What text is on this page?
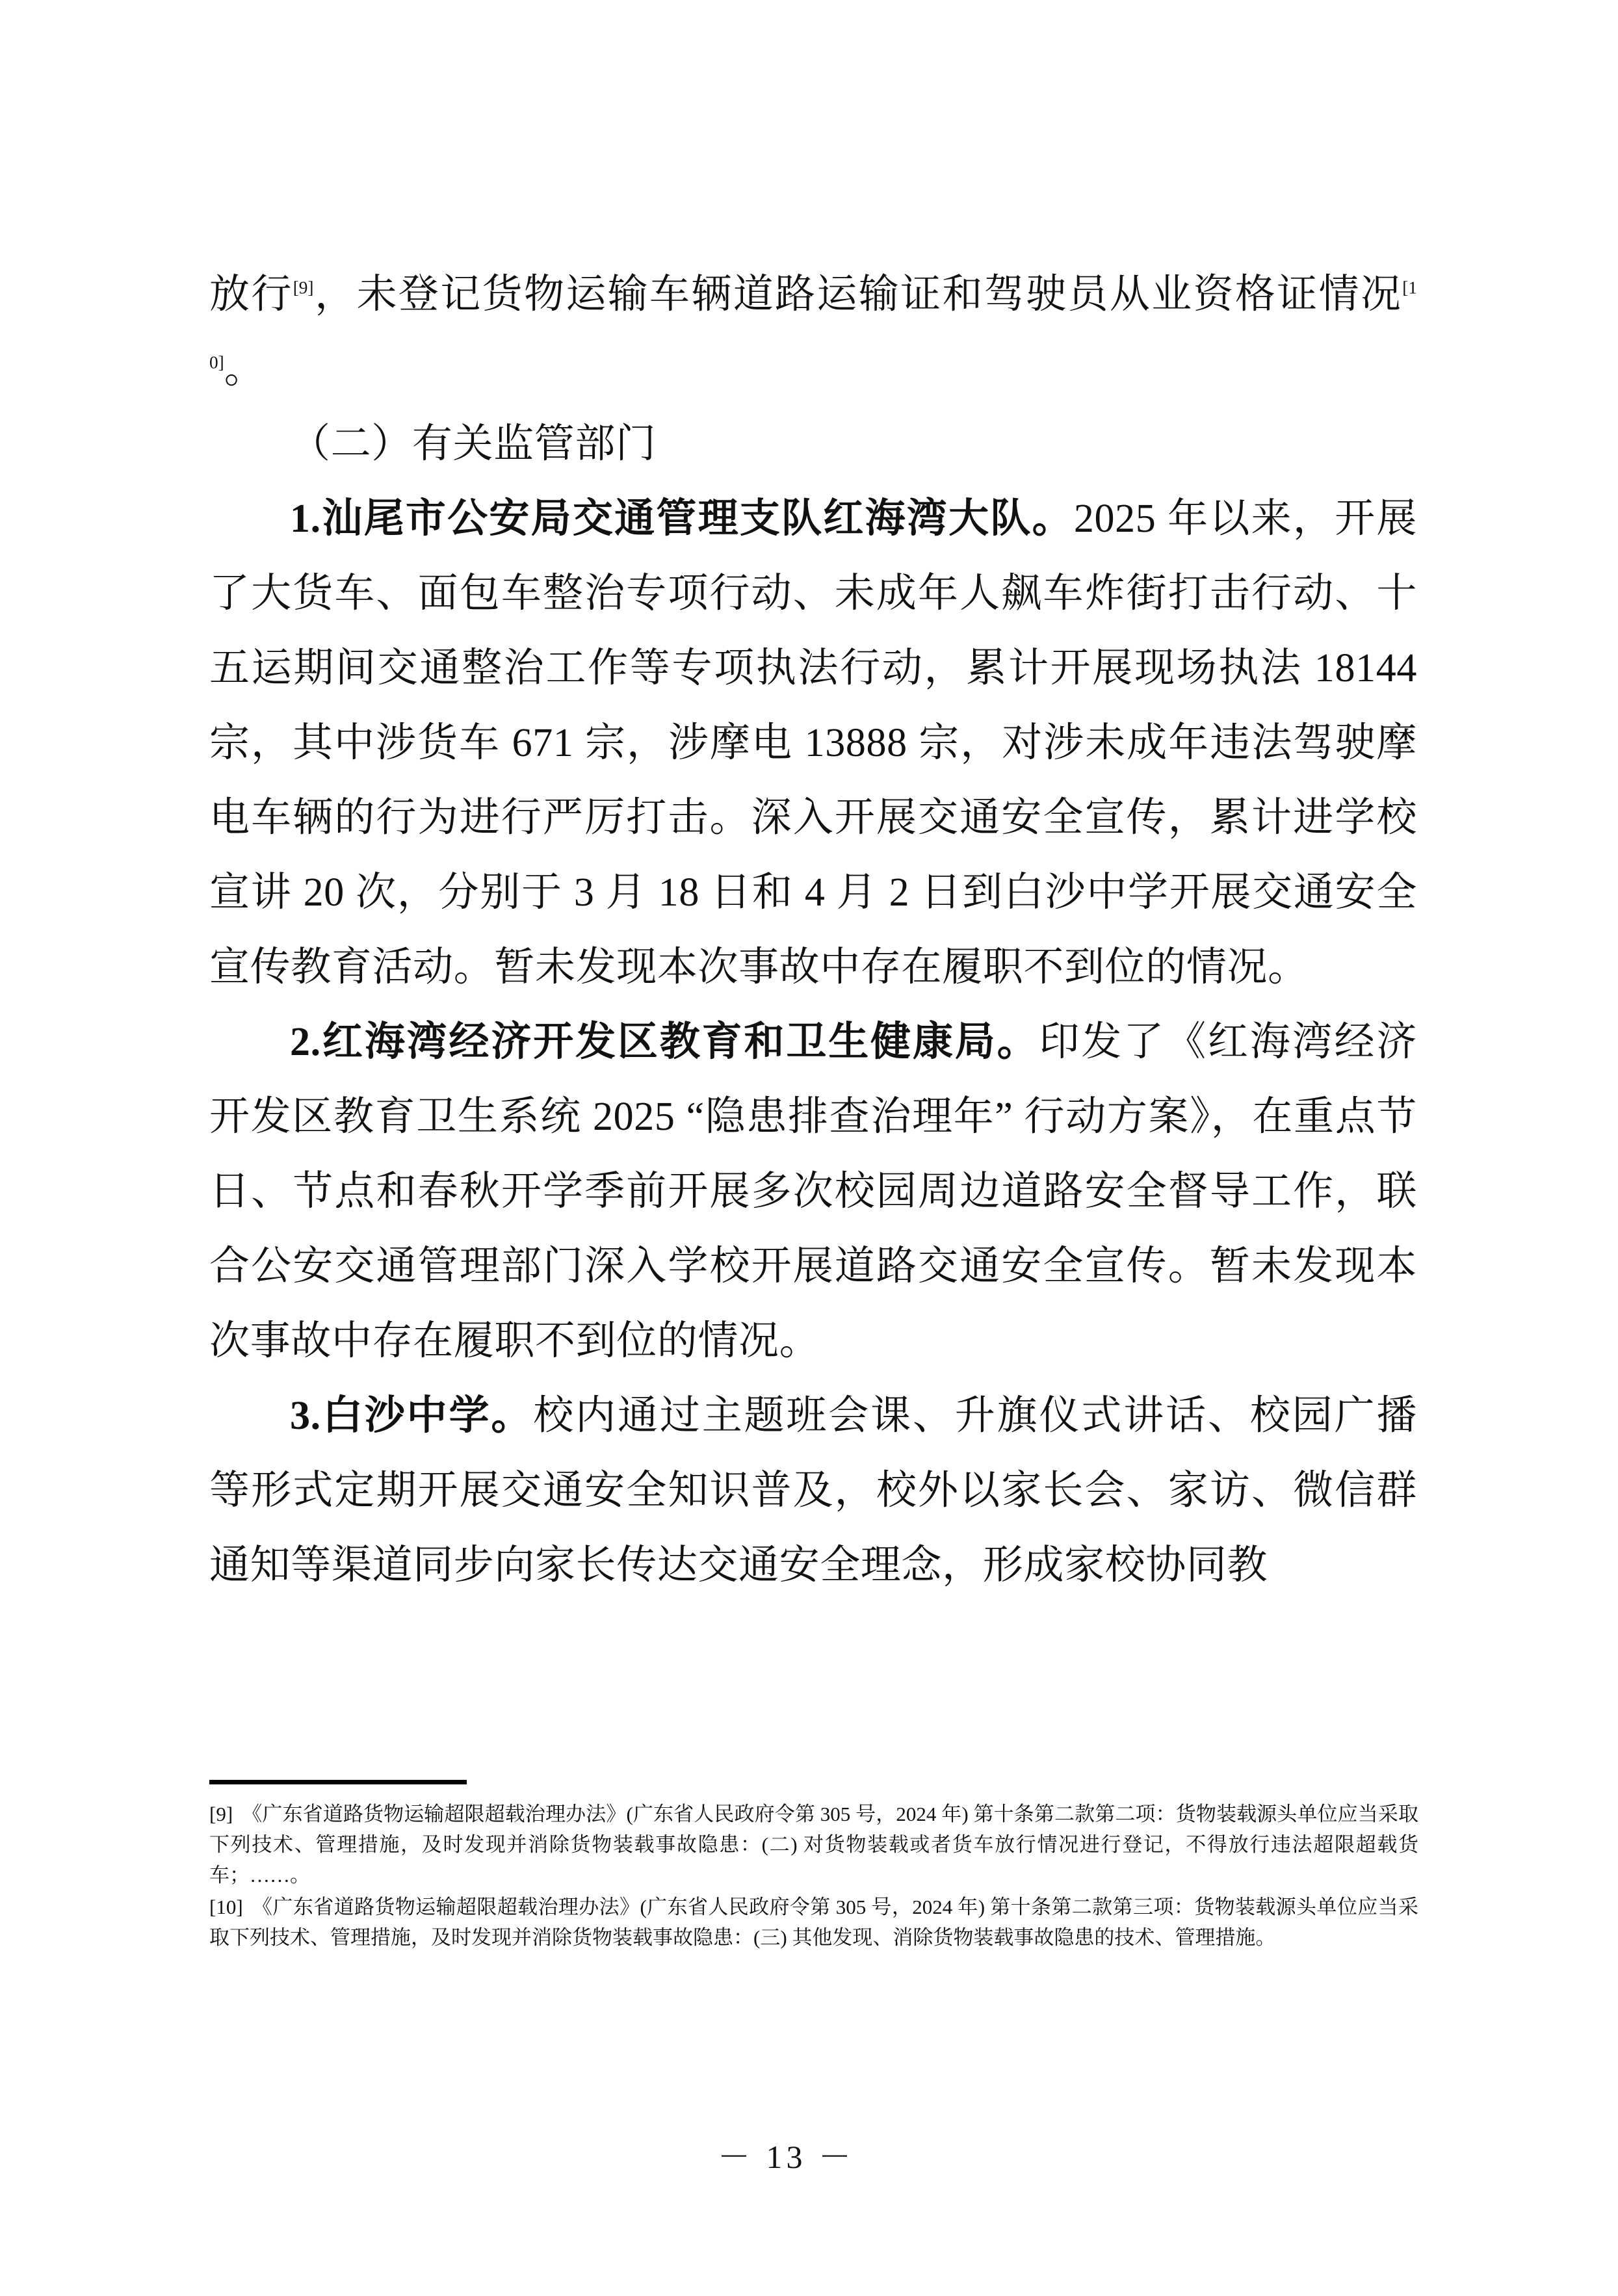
放行[9]，未登记货物运输车辆道路运输证和驾驶员从业资格证情况[10]。

（二）有关监管部门

1.汕尾市公安局交通管理支队红海湾大队。2025 年以来，开展了大货车、面包车整治专项行动、未成年人飙车炸街打击行动、十五运期间交通整治工作等专项执法行动，累计开展现场执法 18144 宗，其中涉货车 671 宗，涉摩电 13888 宗，对涉未成年违法驾驶摩电车辆的行为进行严厉打击。深入开展交通安全宣传，累计进学校宣讲 20 次，分别于 3 月 18 日和 4 月 2 日到白沙中学开展交通安全宣传教育活动。暂未发现本次事故中存在履职不到位的情况。

2.红海湾经济开发区教育和卫生健康局。印发了《红海湾经济开发区教育卫生系统 2025 “隐患排查治理年” 行动方案》，在重点节日、节点和春秋开学季前开展多次校园周边道路安全督导工作，联合公安交通管理部门深入学校开展道路交通安全宣传。暂未发现本次事故中存在履职不到位的情况。

3.白沙中学。校内通过主题班会课、升旗仪式讲话、校园广播等形式定期开展交通安全知识普及，校外以家长会、家访、微信群通知等渠道同步向家长传达交通安全理念，形成家校协同教

[9] 《广东省道路货物运输超限超载治理办法》(广东省人民政府令第 305 号，2024 年) 第十条第二款第二项：货物装载源头单位应当采取下列技术、管理措施，及时发现并消除货物装载事故隐患：(二) 对货物装载或者货车放行情况进行登记，不得放行违法超限超载货车；……。

[10] 《广东省道路货物运输超限超载治理办法》(广东省人民政府令第 305 号，2024 年) 第十条第二款第三项：货物装载源头单位应当采取下列技术、管理措施，及时发现并消除货物装载事故隐患：(三) 其他发现、消除货物装载事故隐患的技术、管理措施。

－ 13 －
